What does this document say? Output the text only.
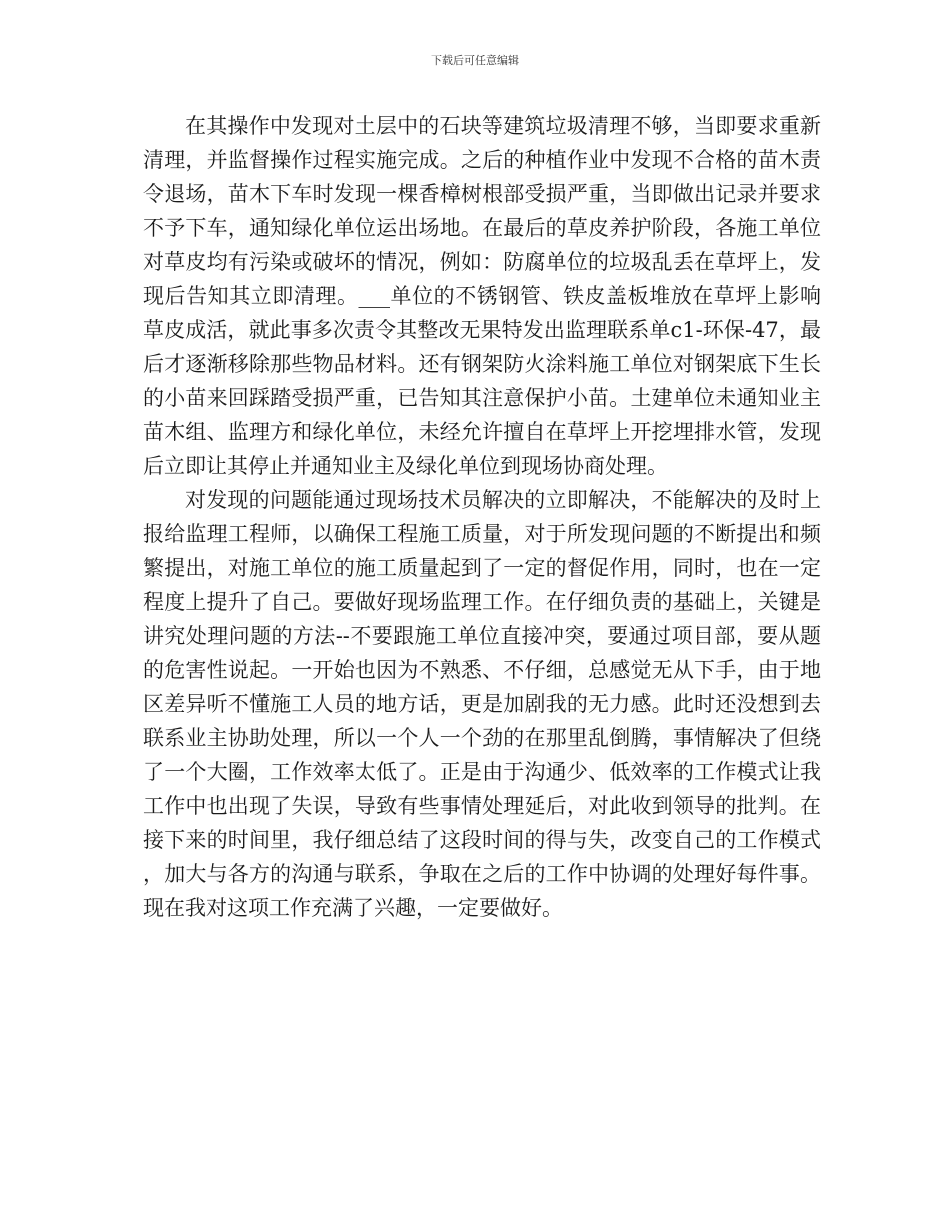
下载后可任意编辑

在其操作中发现对土层中的石块等建筑垃圾清理不够，当即要求重新清理，并监督操作过程实施完成。之后的种植作业中发现不合格的苗木责令退场，苗木下车时发现一棵香樟树根部受损严重，当即做出记录并要求不予下车，通知绿化单位运出场地。在最后的草皮养护阶段，各施工单位对草皮均有污染或破坏的情况，例如：防腐单位的垃圾乱丢在草坪上，发现后告知其立即清理。___单位的不锈钢管、铁皮盖板堆放在草坪上影响草皮成活，就此事多次责令其整改无果特发出监理联系单c1-环保-47，最后才逐渐移除那些物品材料。还有钢架防火涂料施工单位对钢架底下生长的小苗来回踩踏受损严重，已告知其注意保护小苗。土建单位未通知业主苗木组、监理方和绿化单位，未经允许擅自在草坪上开挖埋排水管，发现后立即让其停止并通知业主及绿化单位到现场协商处理。

对发现的问题能通过现场技术员解决的立即解决，不能解决的及时上报给监理工程师，以确保工程施工质量，对于所发现问题的不断提出和频繁提出，对施工单位的施工质量起到了一定的督促作用，同时，也在一定程度上提升了自己。要做好现场监理工作。在仔细负责的基础上，关键是讲究处理问题的方法--不要跟施工单位直接冲突，要通过项目部，要从题的危害性说起。一开始也因为不熟悉、不仔细，总感觉无从下手，由于地区差异听不懂施工人员的地方话，更是加剧我的无力感。此时还没想到去联系业主协助处理，所以一个人一个劲的在那里乱倒腾，事情解决了但绕了一个大圈，工作效率太低了。正是由于沟通少、低效率的工作模式让我工作中也出现了失误，导致有些事情处理延后，对此收到领导的批判。在接下来的时间里，我仔细总结了这段时间的得与失，改变自己的工作模式，加大与各方的沟通与联系，争取在之后的工作中协调的处理好每件事。现在我对这项工作充满了兴趣，一定要做好。
